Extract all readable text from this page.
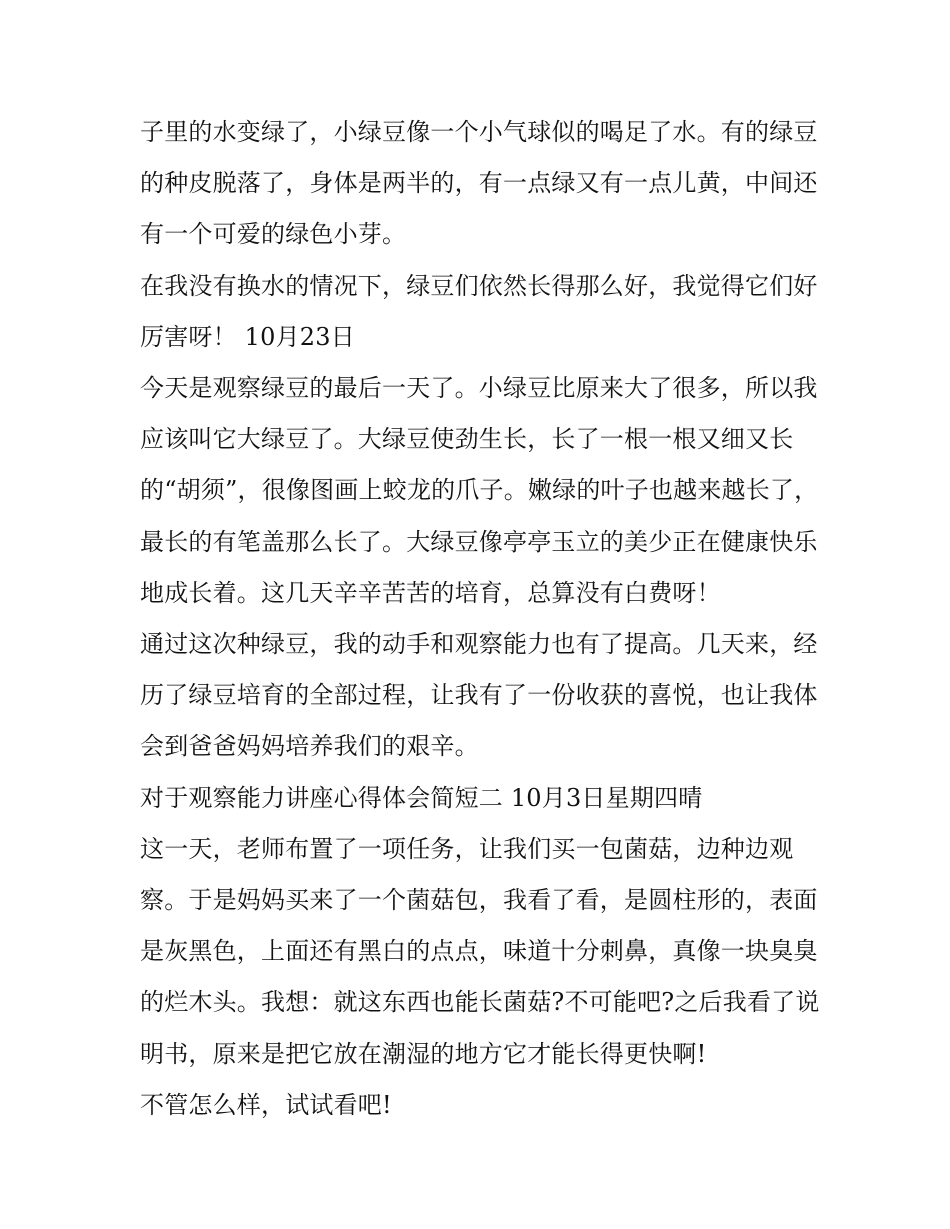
子里的水变绿了，小绿豆像一个小气球似的喝足了水。有的绿豆的种皮脱落了，身体是两半的，有一点绿又有一点儿黄，中间还有一个可爱的绿色小芽。

在我没有换水的情况下，绿豆们依然长得那么好，我觉得它们好厉害呀！ 10月23日

今天是观察绿豆的最后一天了。小绿豆比原来大了很多，所以我应该叫它大绿豆了。大绿豆使劲生长，长了一根一根又细又长的“胡须”，很像图画上蛟龙的爪子。嫩绿的叶子也越来越长了，最长的有笔盖那么长了。大绿豆像亭亭玉立的美少正在健康快乐地成长着。这几天辛辛苦苦的培育，总算没有白费呀！

通过这次种绿豆，我的动手和观察能力也有了提高。几天来，经历了绿豆培育的全部过程，让我有了一份收获的喜悦，也让我体会到爸爸妈妈培养我们的艰辛。

对于观察能力讲座心得体会简短二 10月3日星期四晴

这一天，老师布置了一项任务，让我们买一包菌菇，边种边观察。于是妈妈买来了一个菌菇包，我看了看，是圆柱形的，表面是灰黑色，上面还有黑白的点点，味道十分刺鼻，真像一块臭臭的烂木头。我想：就这东西也能长菌菇?不可能吧?之后我看了说明书，原来是把它放在潮湿的地方它才能长得更快啊!

不管怎么样，试试看吧!
